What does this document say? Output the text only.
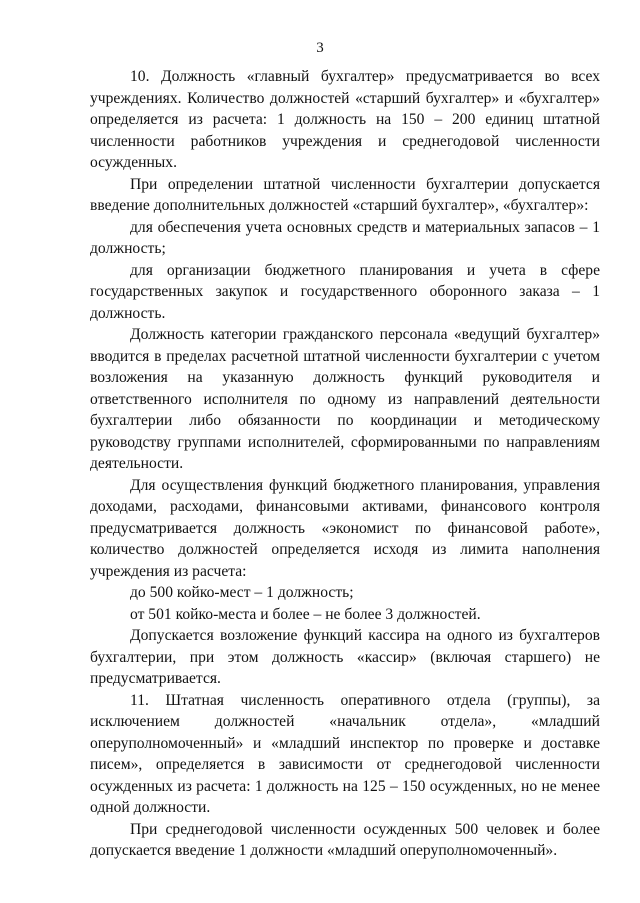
3

10. Должность «главный бухгалтер» предусматривается во всех учреждениях. Количество должностей «старший бухгалтер» и «бухгалтер» определяется из расчета: 1 должность на 150 – 200 единиц штатной численности работников учреждения и среднегодовой численности осужденных.

При определении штатной численности бухгалтерии допускается введение дополнительных должностей «старший бухгалтер», «бухгалтер»:

для обеспечения учета основных средств и материальных запасов – 1 должность;

для организации бюджетного планирования и учета в сфере государственных закупок и государственного оборонного заказа – 1 должность.

Должность категории гражданского персонала «ведущий бухгалтер» вводится в пределах расчетной штатной численности бухгалтерии с учетом возложения на указанную должность функций руководителя и ответственного исполнителя по одному из направлений деятельности бухгалтерии либо обязанности по координации и методическому руководству группами исполнителей, сформированными по направлениям деятельности.

Для осуществления функций бюджетного планирования, управления доходами, расходами, финансовыми активами, финансового контроля предусматривается должность «экономист по финансовой работе», количество должностей определяется исходя из лимита наполнения учреждения из расчета:

до 500 койко-мест – 1 должность;

от 501 койко-места и более – не более 3 должностей.

Допускается возложение функций кассира на одного из бухгалтеров бухгалтерии, при этом должность «кассир» (включая старшего) не предусматривается.

11. Штатная численность оперативного отдела (группы), за исключением должностей «начальник отдела», «младший оперуполномоченный» и «младший инспектор по проверке и доставке писем», определяется в зависимости от среднегодовой численности осужденных из расчета: 1 должность на 125 – 150 осужденных, но не менее одной должности.

При среднегодовой численности осужденных 500 человек и более допускается введение 1 должности «младший оперуполномоченный».
